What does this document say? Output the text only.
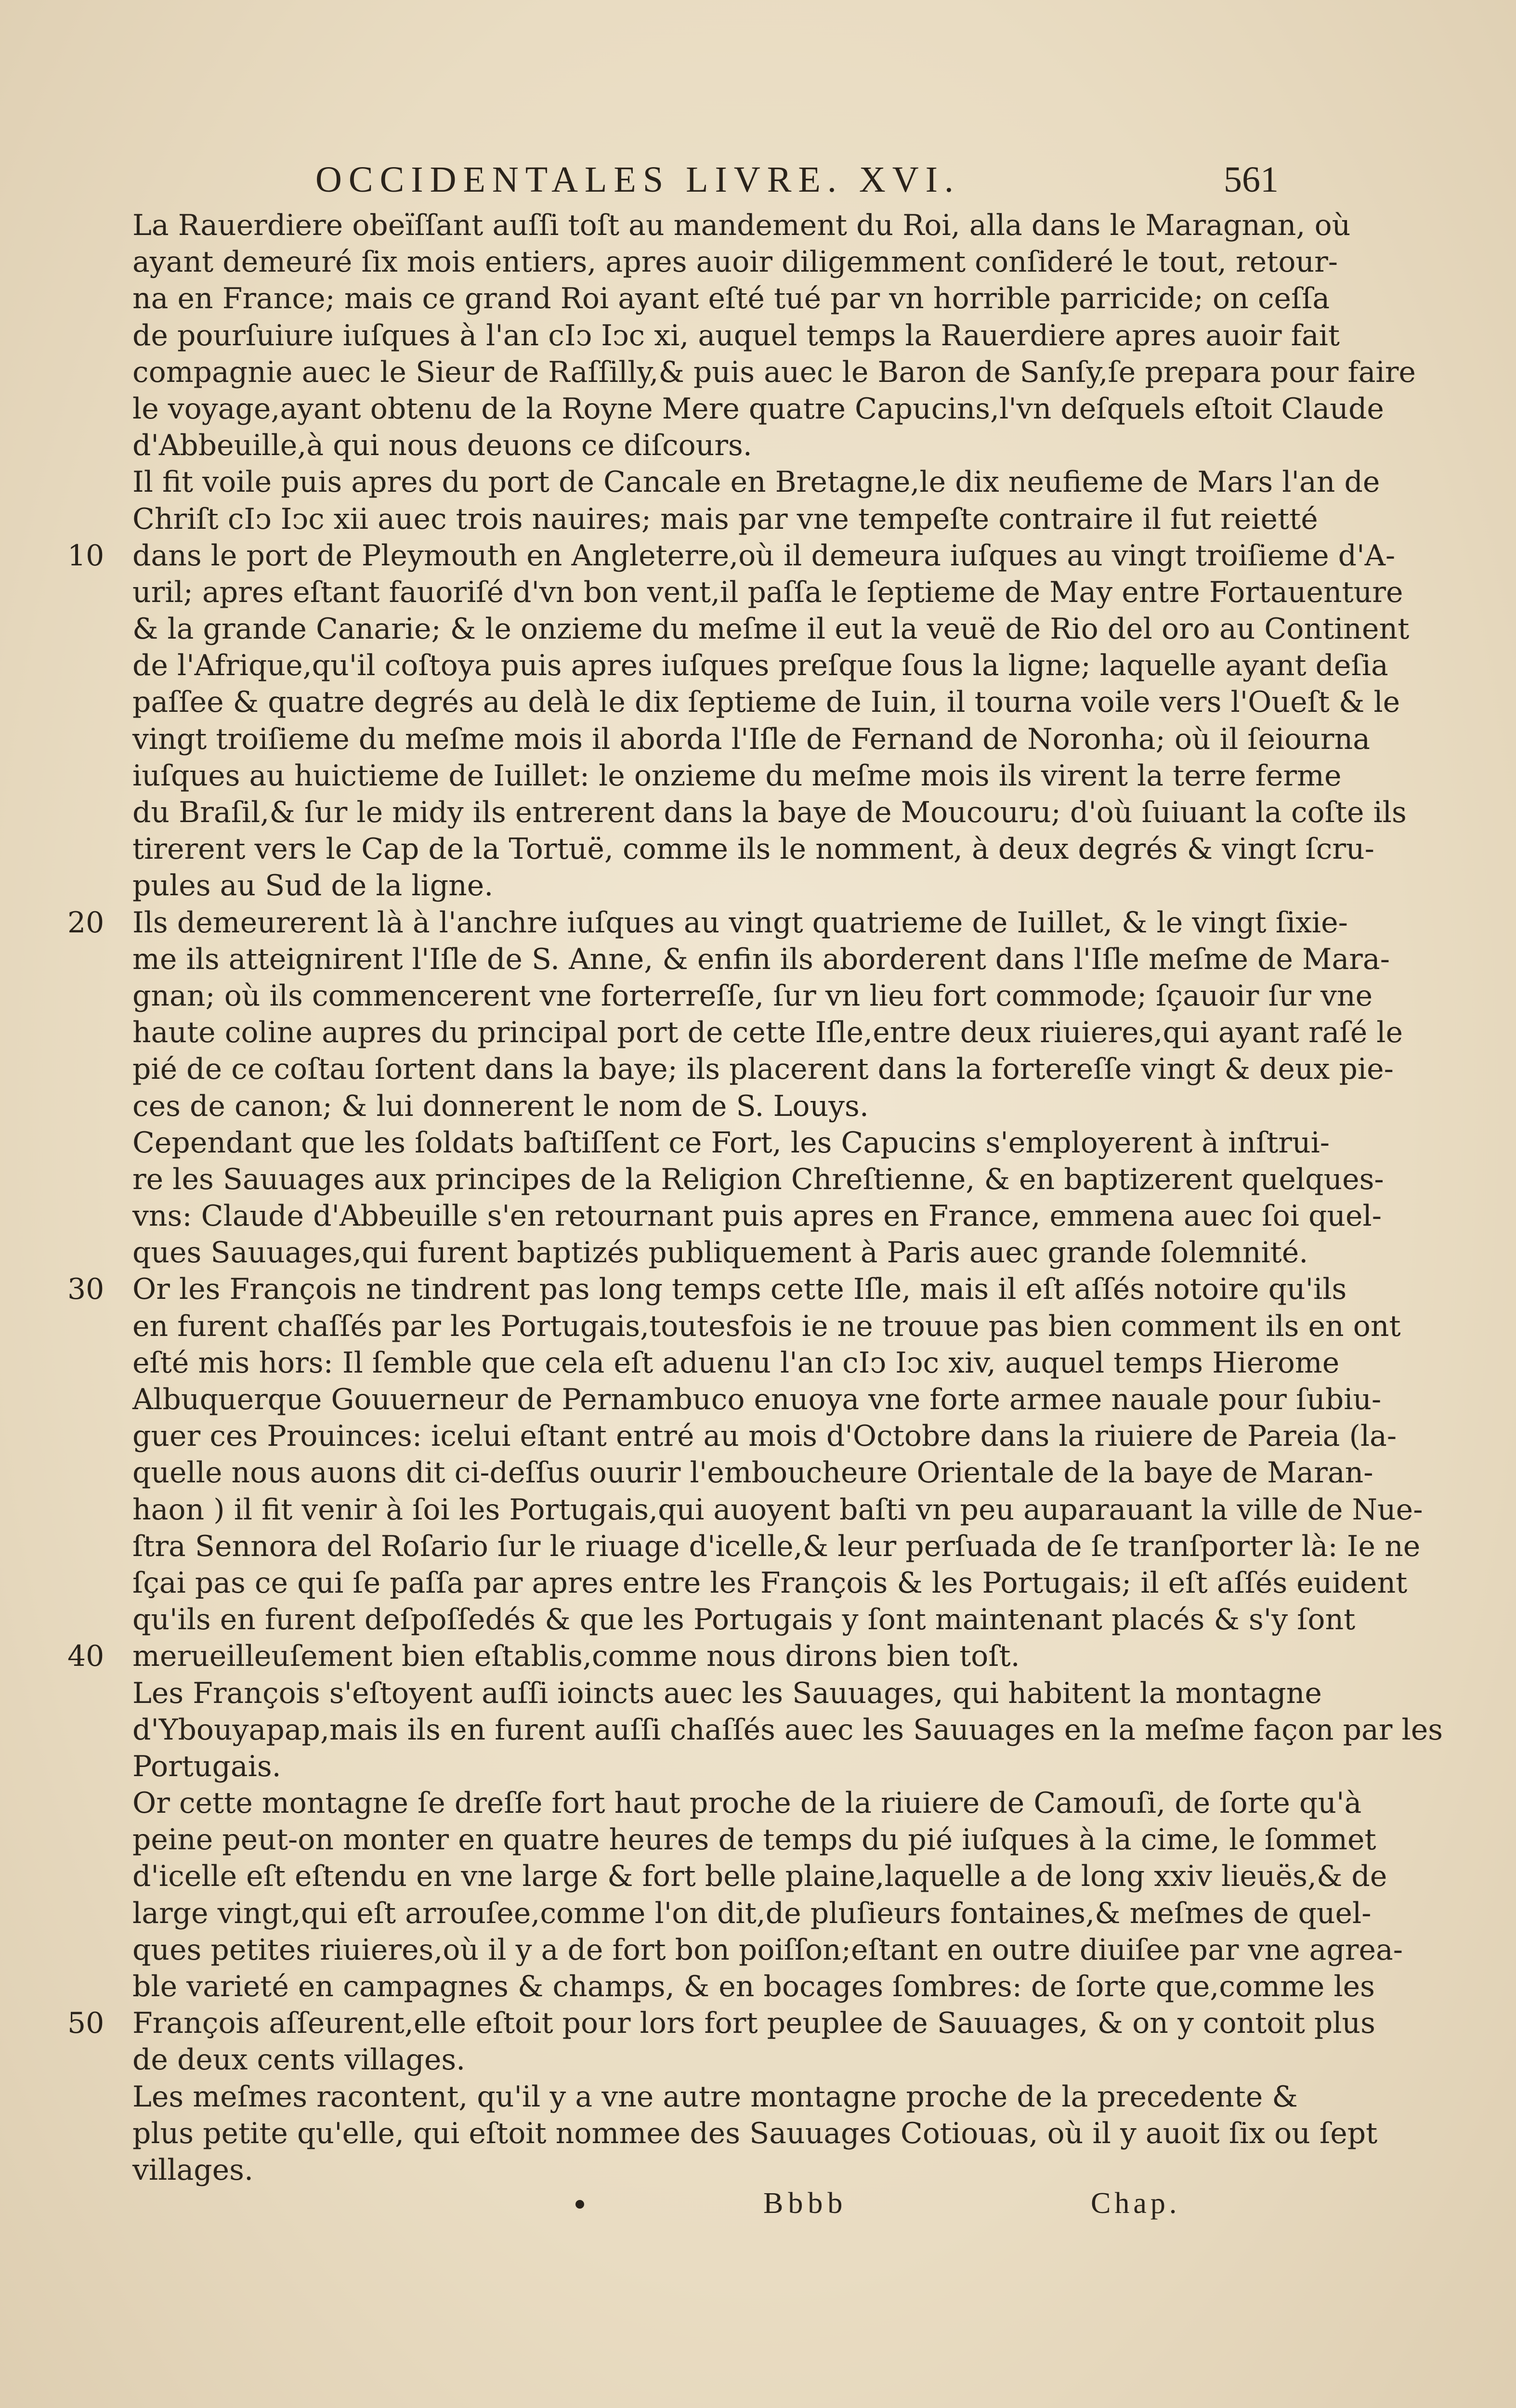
OCCIDENTALES LIVRE. XVI.	561
La Rauerdiere obeïſſant auſſi toſt au mandement du Roi, alla dans le Maragnan, où
ayant demeuré ſix mois entiers, apres auoir diligemment conſideré le tout, retour-
na en France; mais ce grand Roi ayant eſté tué par vn horrible parricide; on ceſſa
de pourſuiure iuſques à l'an cIↄ Iↄc xi, auquel temps la Rauerdiere apres auoir fait
compagnie auec le Sieur de Raſſilly,& puis auec le Baron de Sanſy,ſe prepara pour faire
le voyage,ayant obtenu de la Royne Mere quatre Capucins,l'vn deſquels eſtoit Claude
d'Abbeuille,à qui nous deuons ce diſcours.
Il fit voile puis apres du port de Cancale en Bretagne,le dix neufieme de Mars l'an de
Chriſt cIↄ Iↄc xii auec trois nauires; mais par vne tempeſte contraire il fut reietté
10 dans le port de Pleymouth en Angleterre,où il demeura iuſques au vingt troiſieme d'A-
uril; apres eſtant fauoriſé d'vn bon vent,il paſſa le ſeptieme de May entre Fortauenture
& la grande Canarie; & le onzieme du meſme il eut la veuë de Rio del oro au Continent
de l'Afrique,qu'il coſtoya puis apres iuſques preſque ſous la ligne; laquelle ayant deſia
paſſee & quatre degrés au delà le dix ſeptieme de Iuin, il tourna voile vers l'Oueſt & le
vingt troiſieme du meſme mois il aborda l'Iſle de Fernand de Noronha; où il ſeiourna
iuſques au huictieme de Iuillet: le onzieme du meſme mois ils virent la terre ferme
du Braſil,& ſur le midy ils entrerent dans la baye de Moucouru; d'où ſuiuant la coſte ils
tirerent vers le Cap de la Tortuë, comme ils le nomment, à deux degrés & vingt ſcru-
pules au Sud de la ligne.
20Ils demeurerent là à l'anchre iuſques au vingt quatrieme de Iuillet, & le vingt ſixie-
me ils atteignirent l'Iſle de S. Anne, & enfin ils aborderent dans l'Iſle meſme de Mara-
gnan; où ils commencerent vne forterreſſe, ſur vn lieu fort commode; ſçauoir ſur vne
haute coline aupres du principal port de cette Iſle,entre deux riuieres,qui ayant raſé le
pié de ce coſtau ſortent dans la baye; ils placerent dans la fortereſſe vingt & deux pie-
ces de canon; & lui donnerent le nom de S. Louys.
Cependant que les ſoldats baſtiſſent ce Fort, les Capucins s'employerent à inſtrui-
re les Sauuages aux principes de la Religion Chreſtienne, & en baptizerent quelques-
vns: Claude d'Abbeuille s'en retournant puis apres en France, emmena auec ſoi quel-
ques Sauuages,qui furent baptizés publiquement à Paris auec grande ſolemnité.
30Or les François ne tindrent pas long temps cette Iſle, mais il eſt aſſés notoire qu'ils
en furent chaſſés par les Portugais,toutesfois ie ne trouue pas bien comment ils en ont
eſté mis hors: Il ſemble que cela eſt aduenu l'an cIↄ Iↄc xiv, auquel temps Hierome
Albuquerque Gouuerneur de Pernambuco enuoya vne forte armee nauale pour ſubiu-
guer ces Prouinces: icelui eſtant entré au mois d'Octobre dans la riuiere de Pareia (la-
quelle nous auons dit ci-deſſus ouurir l'embouchеure Orientale de la baye de Maran-
haon ) il fit venir à ſoi les Portugais,qui auoyent baſti vn peu auparauant la ville de Nue-
ſtra Sennora del Roſario ſur le riuage d'icelle,& leur perſuada de ſe tranſporter là: Ie ne
ſçai pas ce qui ſe paſſa par apres entre les François & les Portugais; il eſt aſſés euident
qu'ils en furent deſpoſſedés & que les Portugais y ſont maintenant placés & s'y ſont
40 merueilleuſement bien eſtablis,comme nous dirons bien toſt.
Les François s'eſtoyent auſſi ioincts auec les Sauuages, qui habitent la montagne
d'Ybouyapap,mais ils en furent auſſi chaſſés auec les Sauuages en la meſme façon par les
Portugais.
Or cette montagne ſe dreſſe fort haut proche de la riuiere de Camouſi, de ſorte qu'à
peine peut-on monter en quatre heures de temps du pié iuſques à la cime, le ſommet
d'icelle eſt eſtendu en vne large & fort belle plaine,laquelle a de long xxiv lieuës,& de
large vingt,qui eſt arrouſee,comme l'on dit,de pluſieurs fontaines,& meſmes de quel-
ques petites riuieres,où il y a de fort bon poiſſon;eſtant en outre diuiſee par vne agrea-
ble varieté en campagnes & champs, & en bocages ſombres: de ſorte que,comme les
50 François aſſeurent,elle eſtoit pour lors fort peuplee de Sauuages, & on y contoit plus
de deux cents villages.
Les meſmes racontent, qu'il y a vne autre montagne proche de la precedente &
plus petite qu'elle, qui eſtoit nommee des Sauuages Cotiouas, où il y auoit ſix ou ſept
villages.
Bbbb	Chap.
